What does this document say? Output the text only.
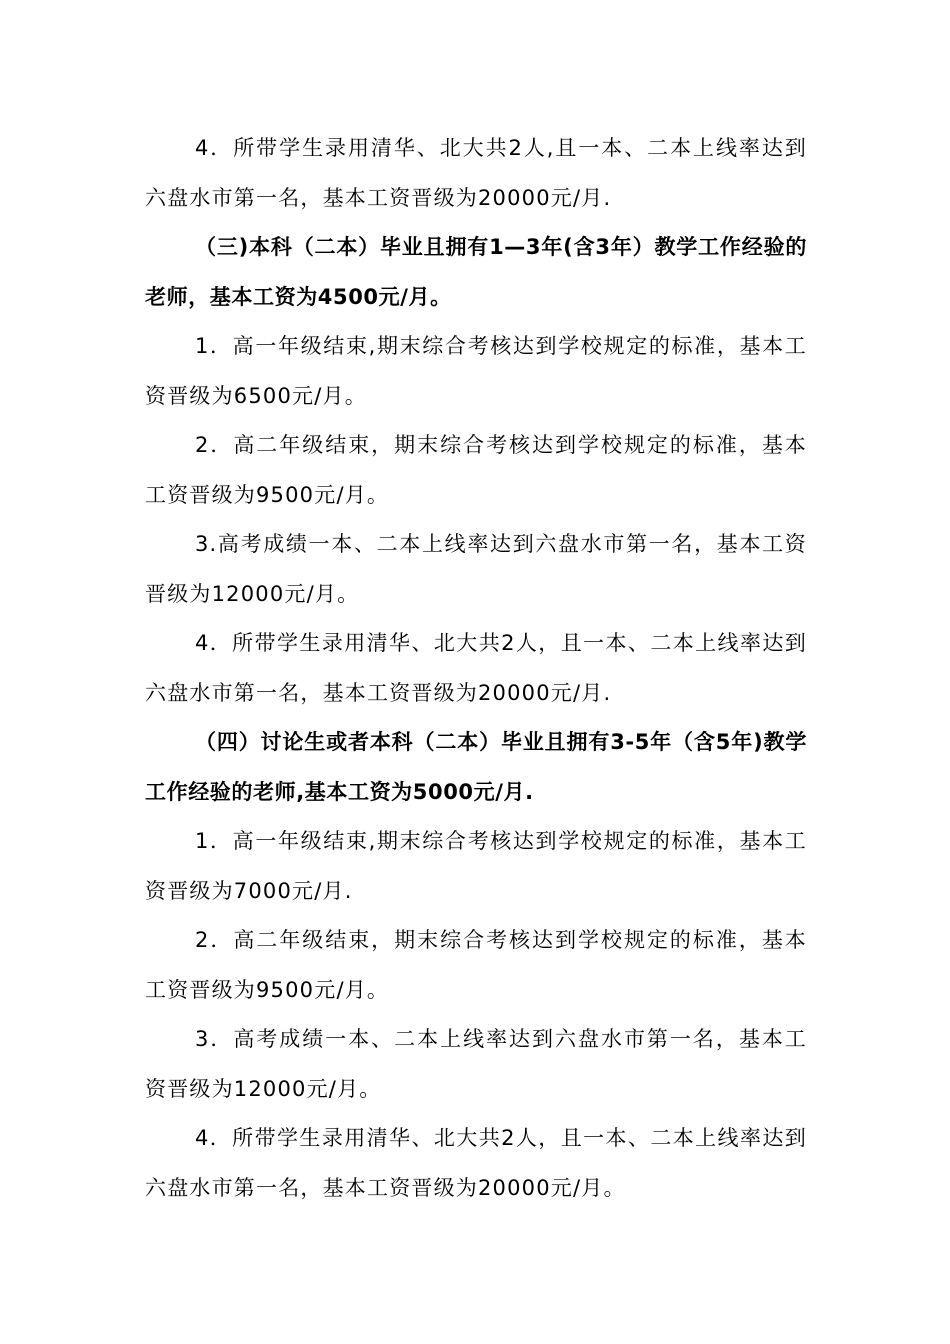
4．所带学生录用清华、北大共2人,且一本、二本上线率达到六盘水市第一名，基本工资晋级为20000元/月.

（三)本科（二本）毕业且拥有1—3年(含3年）教学工作经验的老师，基本工资为4500元/月。

1．高一年级结束,期末综合考核达到学校规定的标准，基本工资晋级为6500元/月。

2．高二年级结束，期末综合考核达到学校规定的标准，基本工资晋级为9500元/月。

3.高考成绩一本、二本上线率达到六盘水市第一名，基本工资晋级为12000元/月。

4．所带学生录用清华、北大共2人，且一本、二本上线率达到六盘水市第一名，基本工资晋级为20000元/月.

（四）讨论生或者本科（二本）毕业且拥有3-5年（含5年)教学工作经验的老师,基本工资为5000元/月.

1．高一年级结束,期末综合考核达到学校规定的标准，基本工资晋级为7000元/月.

2．高二年级结束，期末综合考核达到学校规定的标准，基本工资晋级为9500元/月。

3．高考成绩一本、二本上线率达到六盘水市第一名，基本工资晋级为12000元/月。

4．所带学生录用清华、北大共2人，且一本、二本上线率达到六盘水市第一名，基本工资晋级为20000元/月。
